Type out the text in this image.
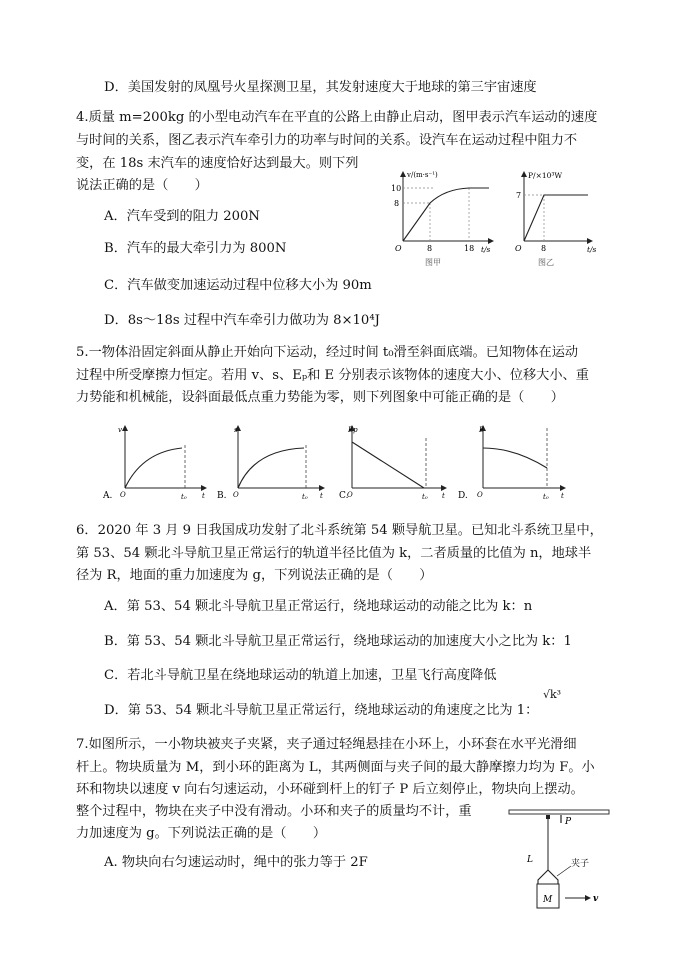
D．美国发射的凤凰号火星探测卫星，其发射速度大于地球的第三宇宙速度
4.质量 m=200kg 的小型电动汽车在平直的公路上由静止启动，图甲表示汽车运动的速度
与时间的关系，图乙表示汽车牵引力的功率与时间的关系。设汽车在运动过程中阻力不
变，在 18s 末汽车的速度恰好达到最大。则下列
说法正确的是（　　）
A．汽车受到的阻力 200N
B．汽车的最大牵引力为 800N
C．汽车做变加速运动过程中位移大小为 90m
D．8s～18s 过程中汽车牵引力做功为 8×10⁴J
v/(m·s⁻¹)
t/s
10
8
8	18
O
图甲
P/×10³W
t/s
7
8
O
图乙
5.一物体沿固定斜面从静止开始向下运动，经过时间 t₀滑至斜面底端。已知物体在运动
过程中所受摩擦力恒定。若用 v、s、Eₚ和 E 分别表示该物体的速度大小、位移大小、重
力势能和机械能，设斜面最低点重力势能为零，则下列图象中可能正确的是（　　）
A.
v
t
t₀
O	B.
s
t
t₀
O	C.
Ep
t
t₀
O	D.
E
t
t₀
O
6．2020 年 3 月 9 日我国成功发射了北斗系统第 54 颗导航卫星。已知北斗系统卫星中，
第 53、54 颗北斗导航卫星正常运行的轨道半径比值为 k，二者质量的比值为 n，地球半
径为 R，地面的重力加速度为 g，下列说法正确的是（　　）
A．第 53、54 颗北斗导航卫星正常运行，绕地球运动的动能之比为 k：n
B．第 53、54 颗北斗导航卫星正常运行，绕地球运动的加速度大小之比为 k：1
C．若北斗导航卫星在绕地球运动的轨道上加速，卫星飞行高度降低
D．第 53、54 颗北斗导航卫星正常运行，绕地球运动的角速度之比为 1：
√k³
7.如图所示，一小物块被夹子夹紧，夹子通过轻绳悬挂在小环上，小环套在水平光滑细
杆上。物块质量为 M，到小环的距离为 L，其两侧面与夹子间的最大静摩擦力均为 F。小
环和物块以速度 v 向右匀速运动，小环碰到杆上的钉子 P 后立刻停止，物块向上摆动。
整个过程中，物块在夹子中没有滑动。小环和夹子的质量均不计，重
力加速度为 g。下列说法正确的是（　　）
A. 物块向右匀速运动时，绳中的张力等于 2F
P
L	夹子
M	v
